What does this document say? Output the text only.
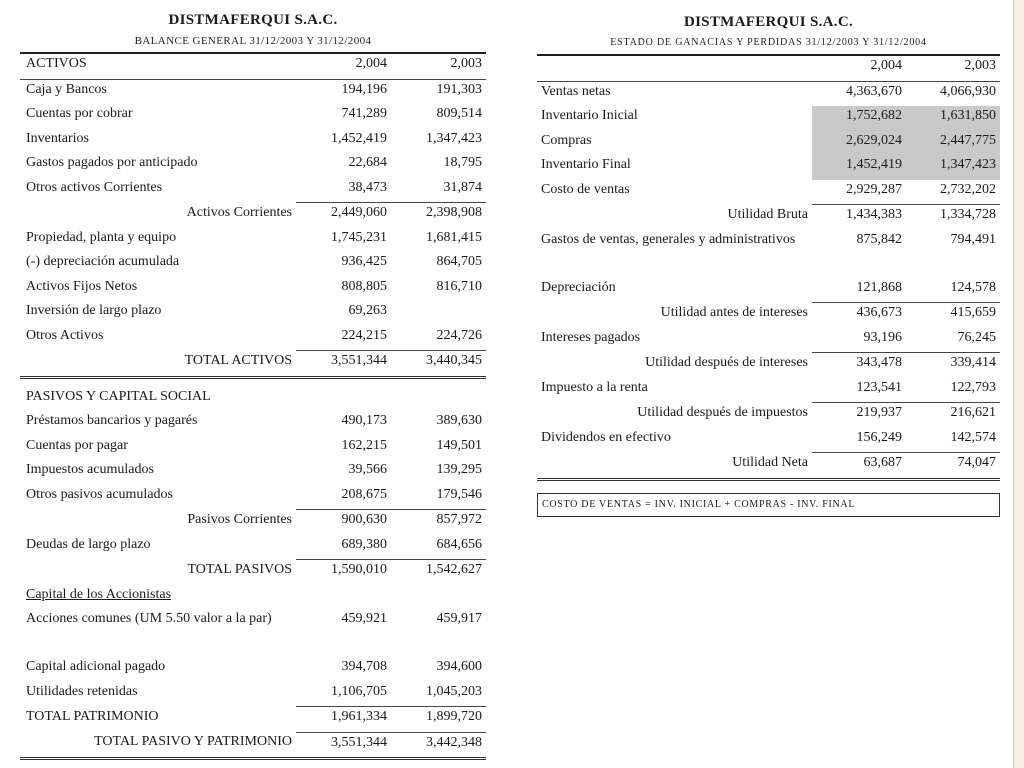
DISTMAFERQUI S.A.C.
BALANCE GENERAL 31/12/2003 Y 31/12/2004
ACTIVOS	2,004	2,003
Caja y Bancos	194,196	191,303
Cuentas por cobrar	741,289	809,514
Inventarios	1,452,419	1,347,423
Gastos pagados por anticipado	22,684	18,795
Otros activos Corrientes	38,473	31,874
Activos Corrientes	2,449,060	2,398,908
Propiedad, planta y equipo	1,745,231	1,681,415
(-) depreciación acumulada	936,425	864,705
Activos Fijos Netos	808,805	816,710
Inversión de largo plazo	69,263	
Otros Activos	224,215	224,726
TOTAL ACTIVOS	3,551,344	3,440,345

PASIVOS Y CAPITAL SOCIAL		
Préstamos bancarios y pagarés	490,173	389,630
Cuentas por pagar	162,215	149,501
Impuestos acumulados	39,566	139,295
Otros pasivos acumulados	208,675	179,546
Pasivos Corrientes	900,630	857,972
Deudas de largo plazo	689,380	684,656
TOTAL PASIVOS	1,590,010	1,542,627
Capital de los Accionistas		
Acciones comunes (UM 5.50 valor a la par)	459,921	459,917
Capital adicional pagado	394,708	394,600
Utilidades retenidas	1,106,705	1,045,203
TOTAL PATRIMONIO	1,961,334	1,899,720
TOTAL PASIVO Y PATRIMONIO	3,551,344	3,442,348
DISTMAFERQUI S.A.C.
ESTADO DE GANACIAS Y PERDIDAS 31/12/2003 Y 31/12/2004
	2,004	2,003
Ventas netas	4,363,670	4,066,930
Inventario Inicial	1,752,682	1,631,850
Compras	2,629,024	2,447,775
Inventario Final	1,452,419	1,347,423
Costo de ventas	2,929,287	2,732,202
Utilidad Bruta	1,434,383	1,334,728
Gastos de ventas, generales y administrativos	875,842	794,491
Depreciación	121,868	124,578
Utilidad antes de intereses	436,673	415,659
Intereses pagados	93,196	76,245
Utilidad después de intereses	343,478	339,414
Impuesto a la renta	123,541	122,793
Utilidad después de impuestos	219,937	216,621
Dividendos en efectivo	156,249	142,574
Utilidad Neta	63,687	74,047
COSTO DE VENTAS = INV. INICIAL + COMPRAS - INV. FINAL
